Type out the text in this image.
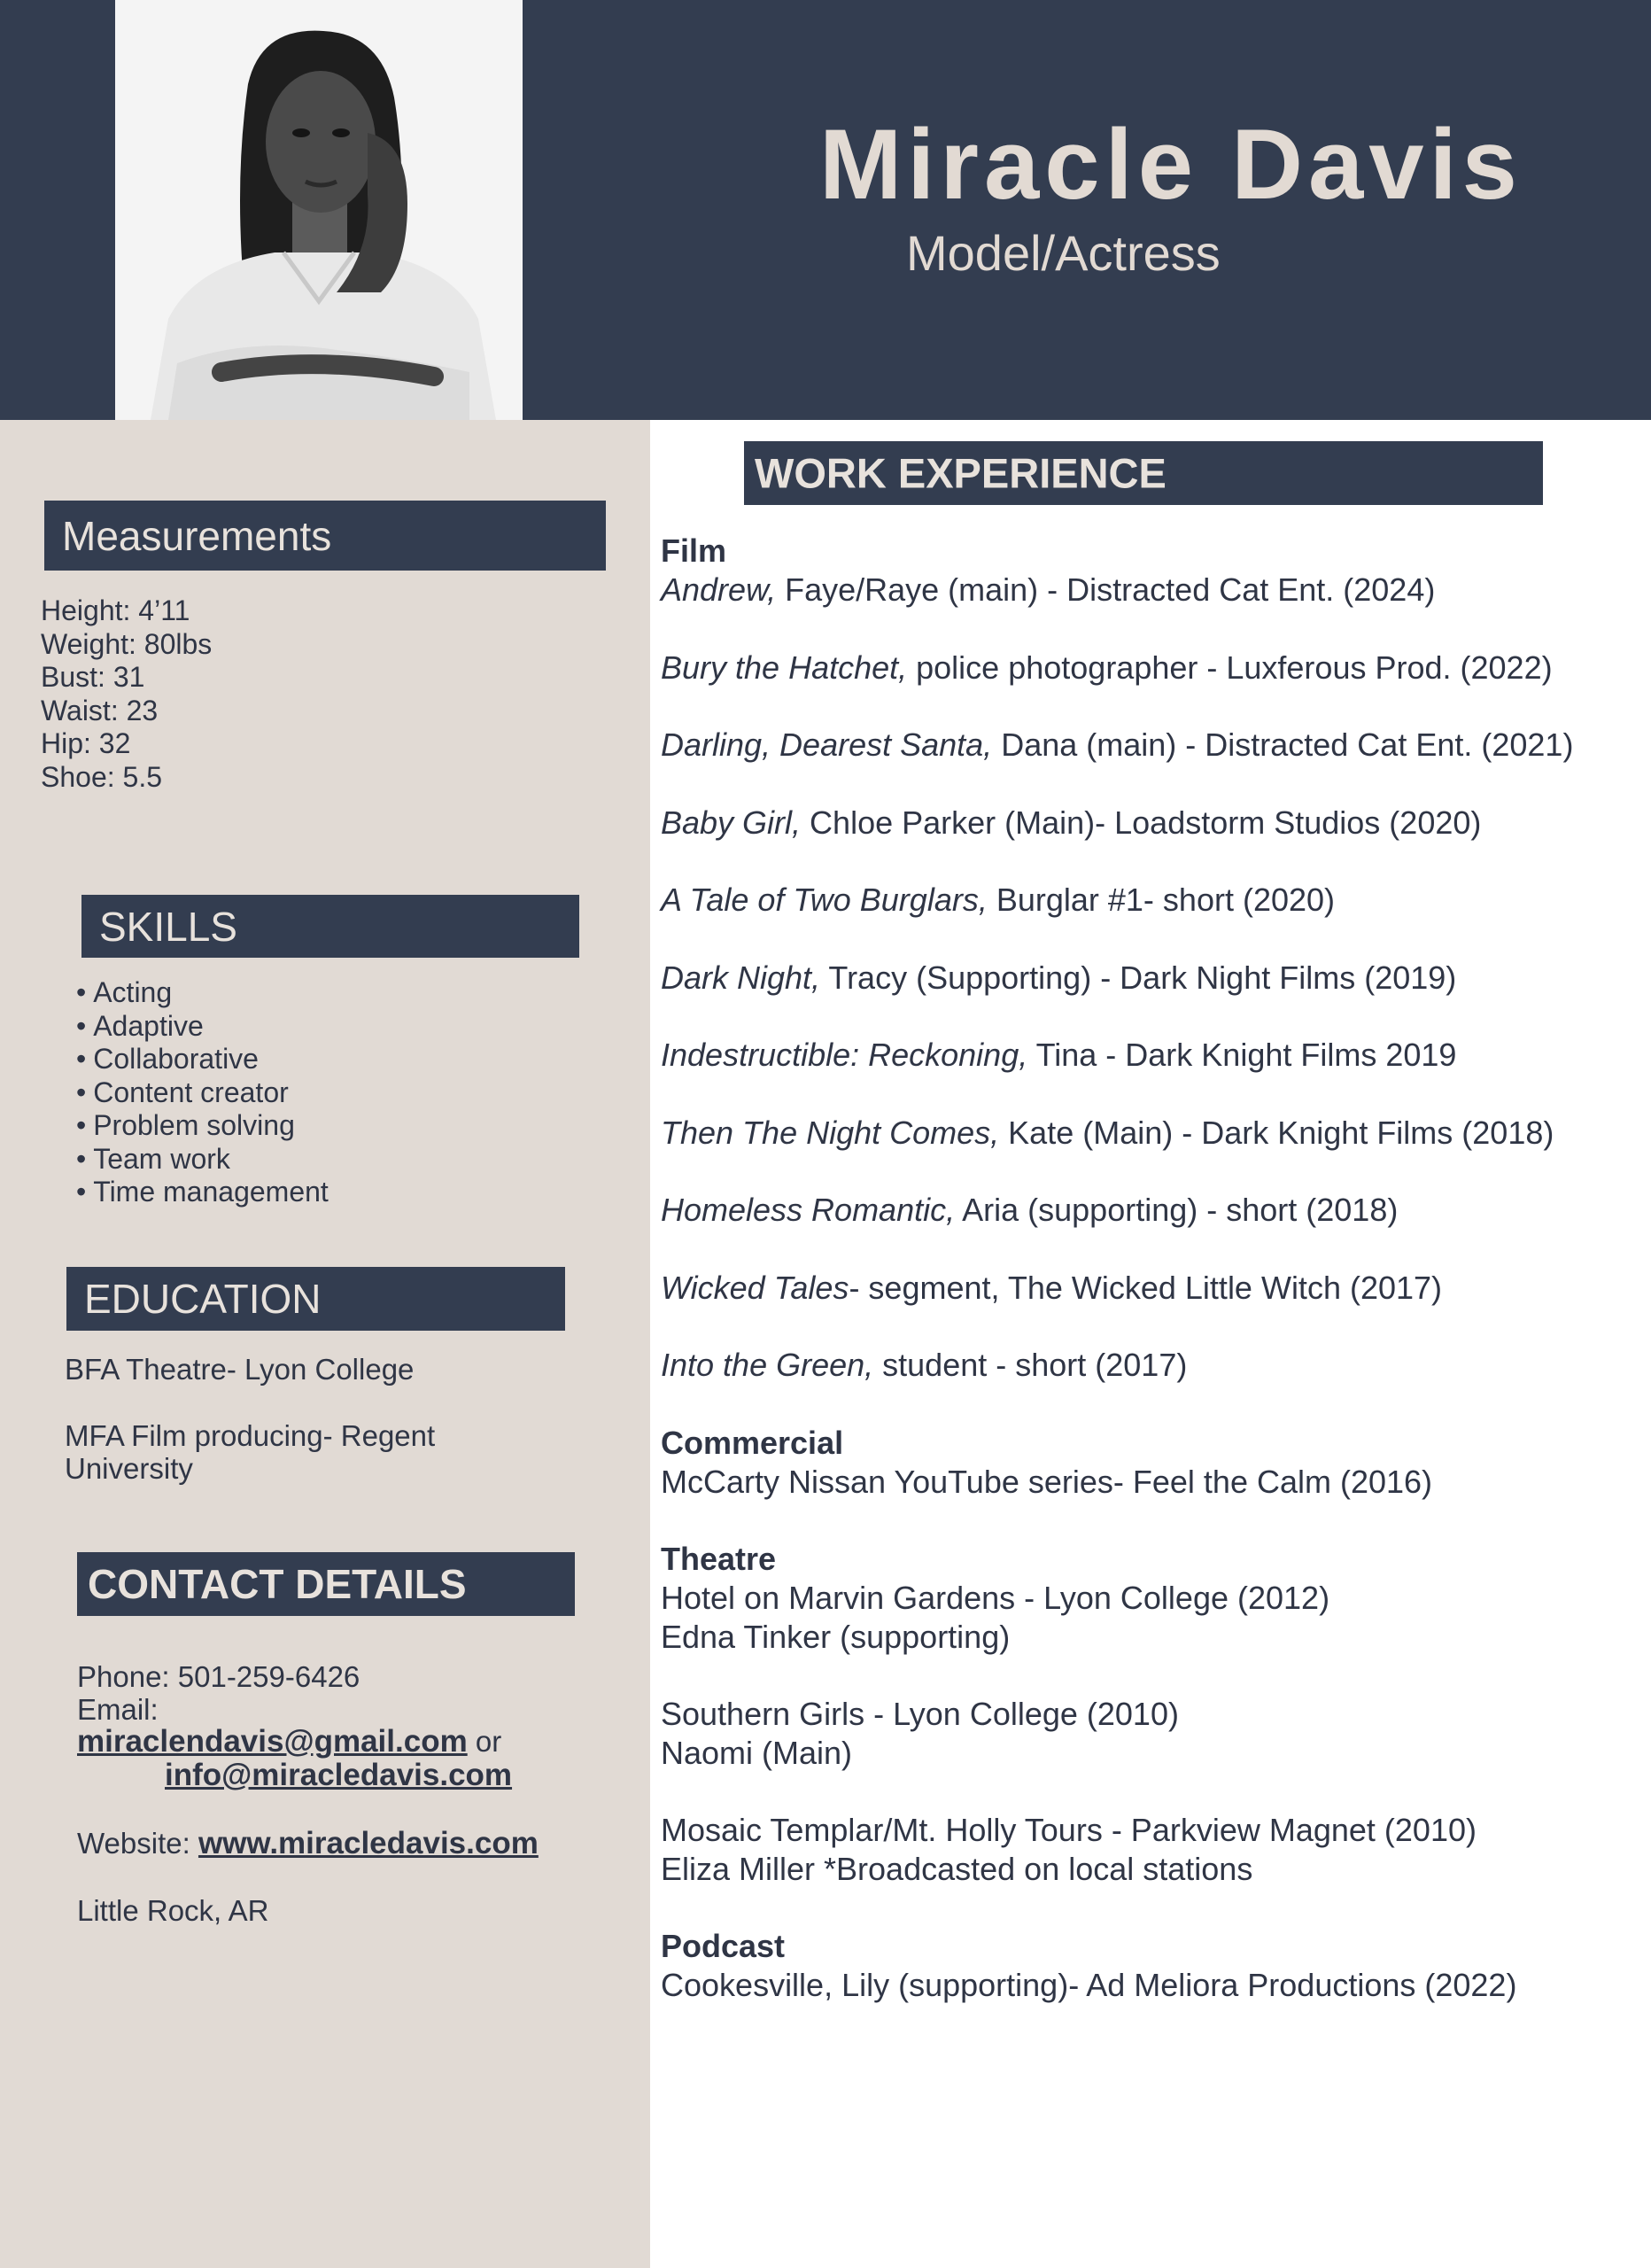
Miracle Davis
Model/Actress
Measurements
Height: 4’11
Weight: 80lbs
Bust: 31
Waist: 23
Hip: 32
Shoe: 5.5
SKILLS
• Acting
• Adaptive
• Collaborative
• Content creator
• Problem solving
• Team work
• Time management
EDUCATION
BFA Theatre- Lyon College
MFA Film producing- Regent University
CONTACT DETAILS
Phone: 501-259-6426
Email:
miraclendavis@gmail.com or
info@miracledavis.com
Website: www.miracledavis.com
Little Rock, AR
WORK EXPERIENCE
Film
Andrew, Faye/Raye (main) - Distracted Cat Ent. (2024)
Bury the Hatchet, police photographer - Luxferous Prod. (2022)
Darling, Dearest Santa, Dana (main) - Distracted Cat Ent. (2021)
Baby Girl, Chloe Parker (Main)- Loadstorm Studios (2020)
A Tale of Two Burglars, Burglar #1- short (2020)
Dark Night, Tracy (Supporting) - Dark Night Films (2019)
Indestructible: Reckoning, Tina - Dark Knight Films 2019
Then The Night Comes, Kate (Main) - Dark Knight Films (2018)
Homeless Romantic, Aria (supporting) - short (2018)
Wicked Tales- segment, The Wicked Little Witch (2017)
Into the Green, student - short (2017)
Commercial
McCarty Nissan YouTube series- Feel the Calm (2016)
Theatre
Hotel on Marvin Gardens - Lyon College (2012)
Edna Tinker (supporting)
Southern Girls - Lyon College (2010)
Naomi (Main)
Mosaic Templar/Mt. Holly Tours - Parkview Magnet (2010)
Eliza Miller *Broadcasted on local stations
Podcast
Cookesville, Lily (supporting)- Ad Meliora Productions (2022)
